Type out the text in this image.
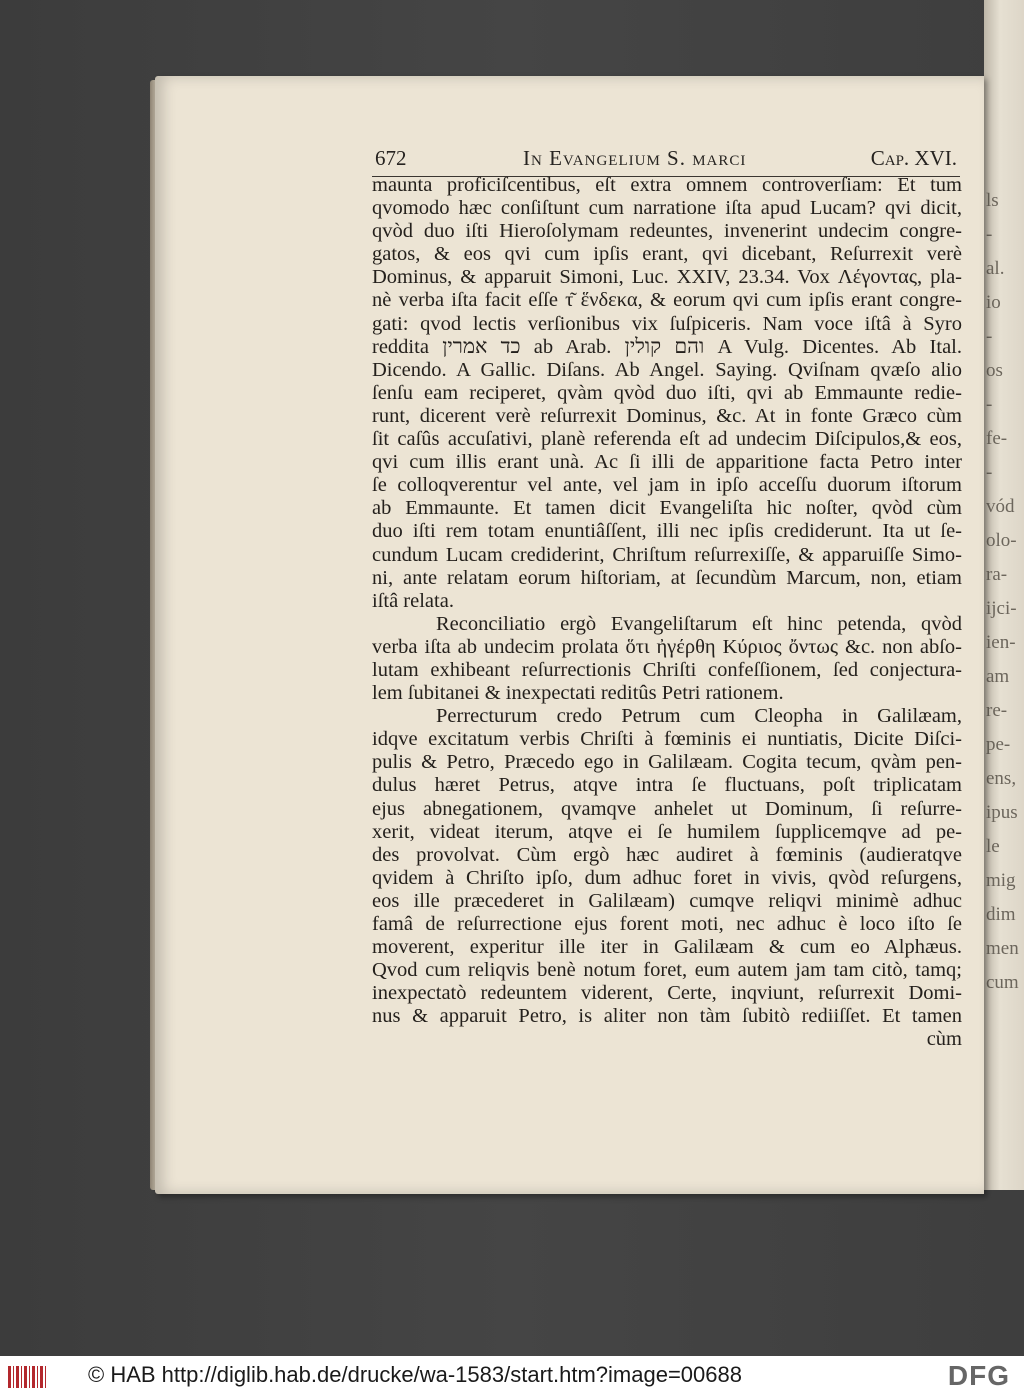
ls
-
al.
io
-
os
-
fe-
-
vód
olo-
ra-
ijci-
ien-
am
re-
pe-
ens,
ipus
le
mig
dim
men
cum
672	In Evangelium S. marci	Cap. XVI.
maunta proficiſcentibus, eſt extra omnem controverſiam: Et tum
qvomodo hæc conſiſtunt cum narratione iſta apud Lucam? qvi dicit,
qvòd duo iſti Hieroſolymam redeuntes, invenerint undecim congre-
gatos, & eos qvi cum ipſis erant, qvi dicebant, Reſurrexit verè
Dominus, & apparuit Simoni, Luc. XXIV, 23.34. Vox Λέγοντας, pla-
nè verba iſta facit eſſe τ͂ ἕνδεκα, & eorum qvi cum ipſis erant congre-
gati: qvod lectis verſionibus vix ſuſpiceris. Nam voce iſtâ à Syro
reddita כד אמרין ab Arab. והם קולין A Vulg. Dicentes. Ab Ital.
Dicendo. A Gallic. Diſans. Ab Angel. Saying. Qviſnam qvæſo alio
ſenſu eam reciperet, qvàm qvòd duo iſti, qvi ab Emmaunte redie-
runt, dicerent verè reſurrexit Dominus, &c. At in fonte Græco cùm
ſit caſûs accuſativi, planè referenda eſt ad undecim Diſcipulos,& eos,
qvi cum illis erant unà. Ac ſi illi de apparitione facta Petro inter
ſe colloqverentur vel ante, vel jam in ipſo acceſſu duorum iſtorum
ab Emmaunte. Et tamen dicit Evangeliſta hic noſter, qvòd cùm
duo iſti rem totam enuntiâſſent, illi nec ipſis crediderunt. Ita ut ſe-
cundum Lucam crediderint, Chriſtum reſurrexiſſe, & apparuiſſe Simo-
ni, ante relatam eorum hiſtoriam, at ſecundùm Marcum, non, etiam
iſtâ relata.
Reconciliatio ergò Evangeliſtarum eſt hinc petenda, qvòd
verba iſta ab undecim prolata ὅτι ἠγέρθη Κύριος ὄντως &c. non abſo-
lutam exhibeant reſurrectionis Chriſti confeſſionem, ſed conjectura-
lem ſubitanei & inexpectati reditûs Petri rationem.
Perrecturum credo Petrum cum Cleopha in Galilæam,
idqve excitatum verbis Chriſti à fœminis ei nuntiatis, Dicite Diſci-
pulis & Petro, Præcedo ego in Galilæam. Cogita tecum, qvàm pen-
dulus hæret Petrus, atqve intra ſe fluctuans, poſt triplicatam
ejus abnegationem, qvamqve anhelet ut Dominum, ſi reſurre-
xerit, videat iterum, atqve ei ſe humilem ſupplicemqve ad pe-
des provolvat. Cùm ergò hæc audiret à fœminis (audieratqve
qvidem à Chriſto ipſo, dum adhuc foret in vivis, qvòd reſurgens,
eos ille præcederet in Galilæam) cumqve reliqvi minimè adhuc
famâ de reſurrectione ejus forent moti, nec adhuc è loco iſto ſe
moverent, experitur ille iter in Galilæam & cum eo Alphæus.
Qvod cum reliqvis benè notum foret, eum autem jam tam citò, tamq;
inexpectatò redeuntem viderent, Certe, inqviunt, reſurrexit Domi-
nus & apparuit Petro, is aliter non tàm ſubitò rediiſſet. Et tamen
cùm
© HAB http://diglib.hab.de/drucke/wa-1583/start.htm?image=00688	DFG
